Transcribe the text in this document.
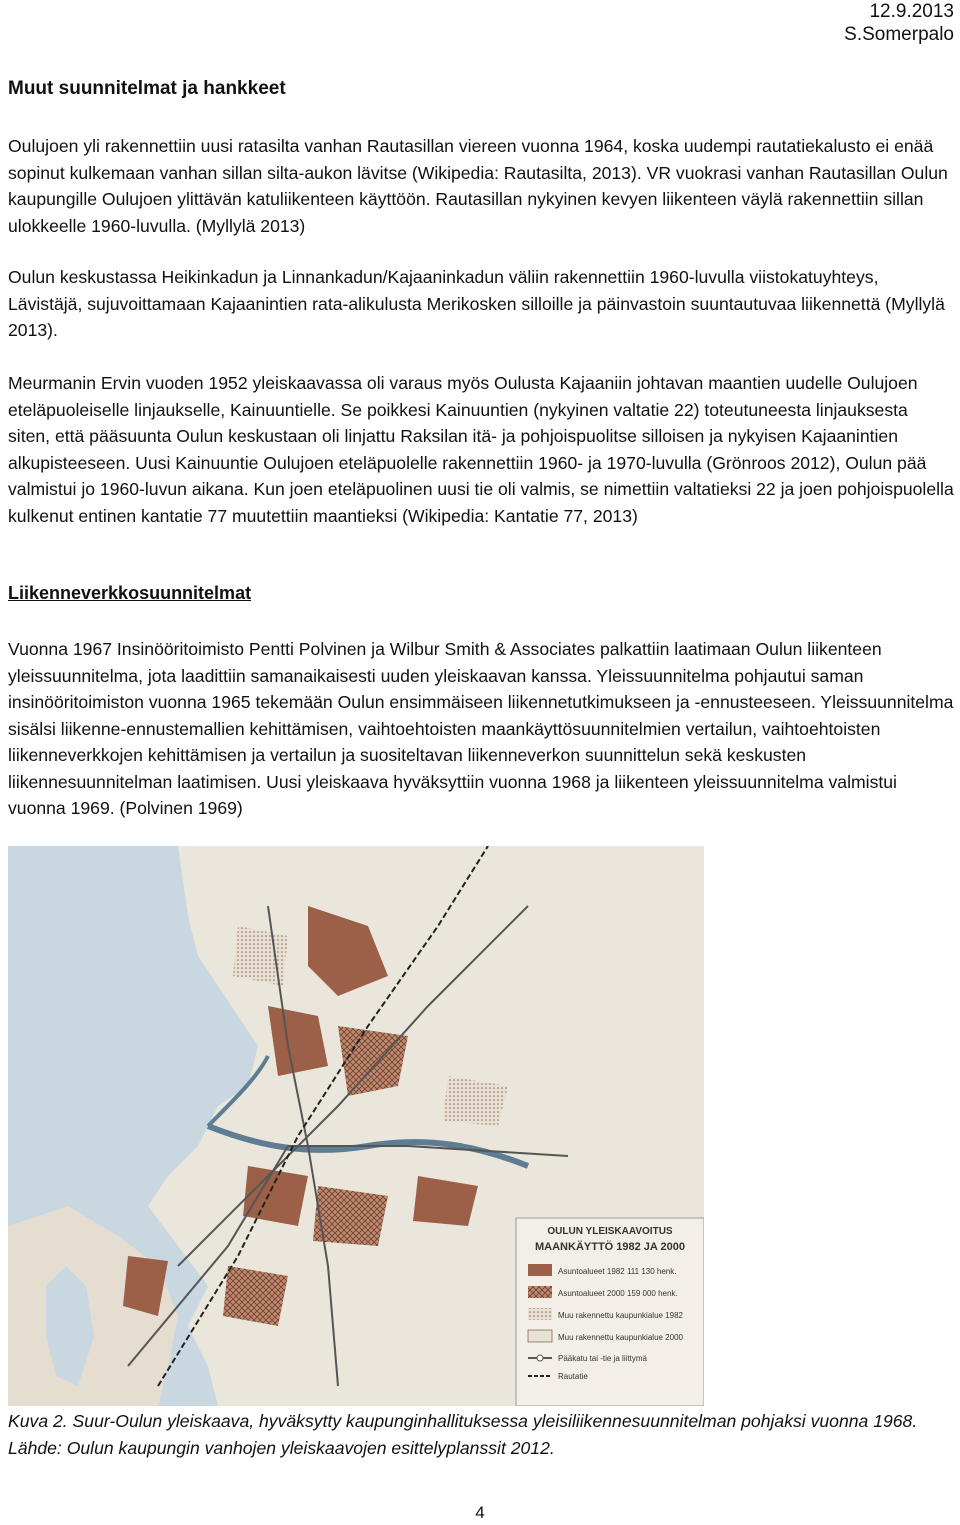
12.9.2013
S.Somerpalo
Muut suunnitelmat ja hankkeet

Oulujoen yli rakennettiin uusi ratasilta vanhan Rautasillan viereen vuonna 1964, koska uudempi rautatiekalusto ei enää sopinut kulkemaan vanhan sillan silta-aukon lävitse (Wikipedia: Rautasilta, 2013). VR vuokrasi vanhan Rautasillan Oulun kaupungille Oulujoen ylittävän katuliikenteen käyttöön. Rautasillan nykyinen kevyen liikenteen väylä rakennettiin sillan ulokkeelle 1960-luvulla. (Myllylä 2013)

Oulun keskustassa Heikinkadun ja Linnankadun/Kajaaninkadun väliin rakennettiin 1960-luvulla viistokatuyhteys, Lävistäjä, sujuvoittamaan Kajaanintien rata-alikulusta Merikosken silloille ja päinvastoin suuntautuvaa liikennettä (Myllylä 2013).

Meurmanin Ervin vuoden 1952 yleiskaavassa oli varaus myös Oulusta Kajaaniin johtavan maantien uudelle Oulujoen eteläpuoleiselle linjaukselle, Kainuuntielle. Se poikkesi Kainuuntien (nykyinen valtatie 22) toteutuneesta linjauksesta siten, että pääsuunta Oulun keskustaan oli linjattu Raksilan itä- ja pohjoispuolitse silloisen ja nykyisen Kajaanintien alkupisteeseen. Uusi Kainuuntie Oulujoen eteläpuolelle rakennettiin 1960- ja 1970-luvulla (Grönroos 2012), Oulun pää valmistui jo 1960-luvun aikana. Kun joen eteläpuolinen uusi tie oli valmis, se nimettiin valtatieksi 22 ja joen pohjoispuolella kulkenut entinen kantatie 77 muutettiin maantieksi (Wikipedia: Kantatie 77, 2013)

Liikenneverkkosuunnitelmat

Vuonna 1967 Insinööritoimisto Pentti Polvinen ja Wilbur Smith & Associates palkattiin laatimaan Oulun liikenteen yleissuunnitelma, jota laadittiin samanaikaisesti uuden yleiskaavan kanssa. Yleissuunnitelma pohjautui saman insinööritoimiston vuonna 1965 tekemään Oulun ensimmäiseen liikennetutkimukseen ja -ennusteeseen. Yleissuunnitelma sisälsi liikenne-ennustemallien kehittämisen, vaihtoehtoisten maankäyttösuunnitelmien vertailun, vaihtoehtoisten liikenneverkkojen kehittämisen ja vertailun ja suositeltavan liikenneverkon suunnittelun sekä keskusten liikennesuunnitelman laatimisen. Uusi yleiskaava hyväksyttiin vuonna 1968 ja liikenteen yleissuunnitelma valmistui vuonna 1969. (Polvinen 1969)

OULUN YLEISKAAVOITUS
MAANKÄYTTÖ 1982 JA 2000
Asuntoalueet 1982 111 130 henk.
Asuntoalueet 2000 159 000 henk.
Muu rakennettu kaupunkialue 1982
Muu rakennettu kaupunkialue 2000
Pääkatu tai -tie ja liittymä
Rautatie
Kuva 2. Suur-Oulun yleiskaava, hyväksytty kaupunginhallituksessa yleisiliikennesuunnitelman pohjaksi vuonna 1968. Lähde: Oulun kaupungin vanhojen yleiskaavojen esittelyplanssit 2012.
4
